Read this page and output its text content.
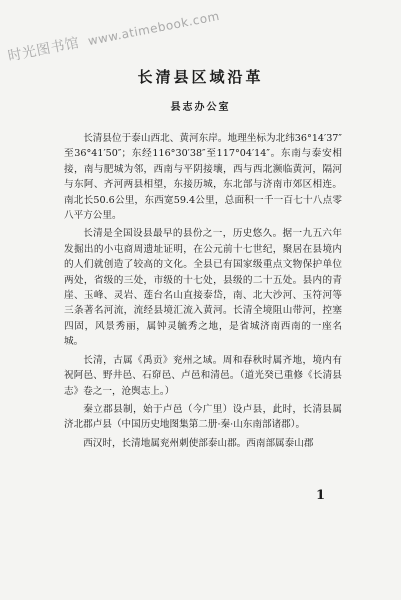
时光图书馆 www.atimebook.com
长清县区域沿革
县志办公室

长清县位于泰山西北、黄河东岸。地理坐标为北纬36°14′37″至36°41′50″；东经116°30′38″至117°04′14″。东南与泰安相接，南与肥城为邻，西南与平阴接壤，西与西北濒临黄河，隔河与东阿、齐河两县相望，东接历城，东北部与济南市郊区相连。南北长50.6公里，东西宽59.4公里，总面积一千一百七十八点零八平方公里。

长清是全国设县最早的县份之一，历史悠久。据一九五六年发掘出的小屯商周遗址证明，在公元前十七世纪，聚居在县境内的人们就创造了较高的文化。全县已有国家级重点文物保护单位两处，省级的三处，市级的十七处，县级的二十五处。县内的青崖、玉峰、灵岩、莲台名山直接泰岱，南、北大沙河、玉符河等三条著名河流，流经县境汇流入黄河。长清全境阻山带河，控塞四固，风景秀丽，属钟灵毓秀之地，是省城济南西南的一座名城。

长清，古属《禹贡》兖州之域。周和春秋时属齐地，境内有祝阿邑、野井邑、石窌邑、卢邑和清邑。（道光癸已重修《长清县志》卷之一，沧舆志上。）

秦立郡县制，始于卢邑（今广里）设卢县，此时，长清县属济北郡卢县（中国历史地图集第二册·秦·山东南部诸郡）。

西汉时，长清地属兖州刺使部泰山郡。西南部属泰山郡

1
